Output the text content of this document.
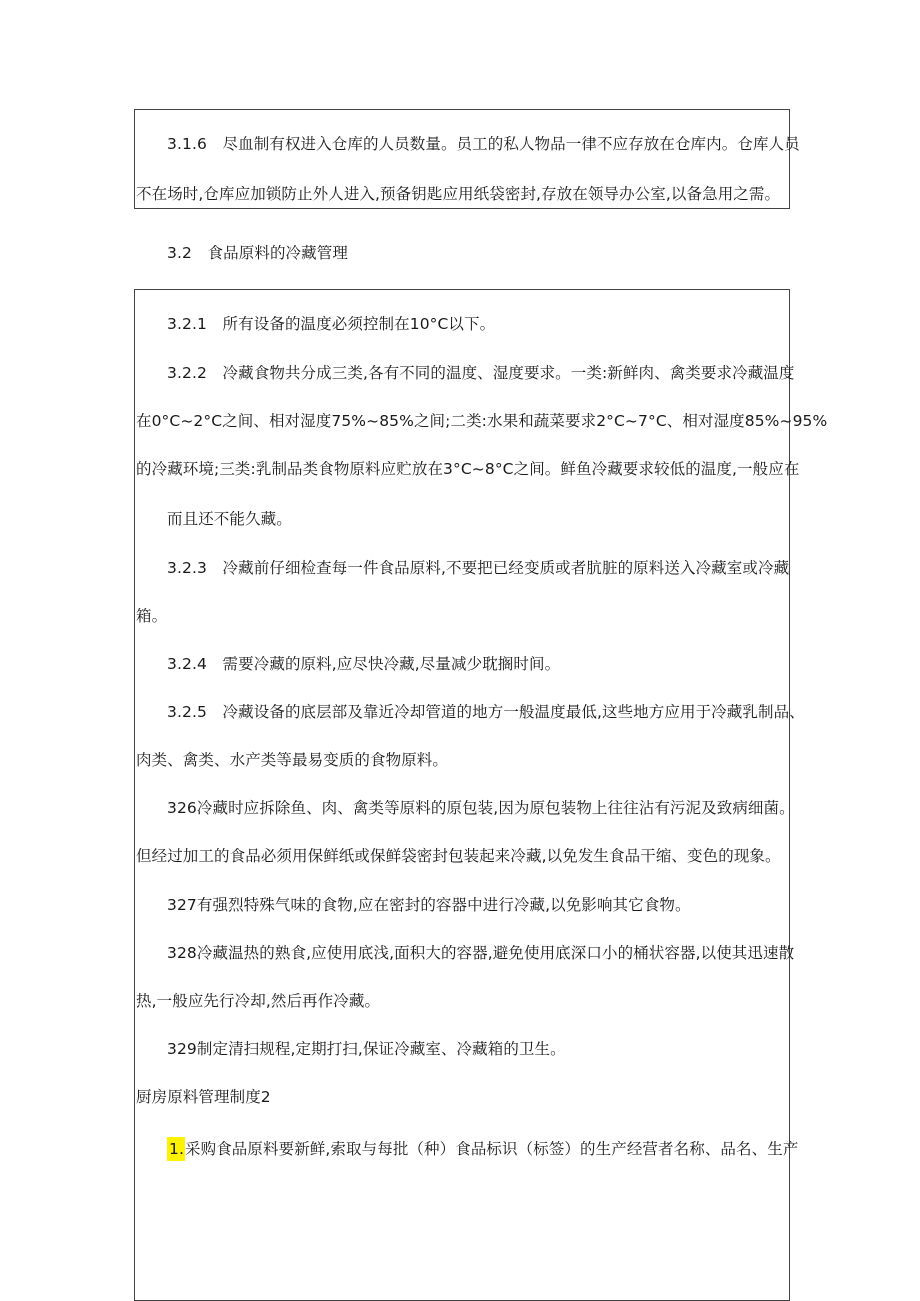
3.1.6　尽血制有权进入仓库的人员数量。员工的私人物品一律不应存放在仓库内。仓库人员
不在场时,仓库应加锁防止外人进入,预备钥匙应用纸袋密封,存放在领导办公室,以备急用之需。
3.2　食品原料的冷藏管理
3.2.1　所有设备的温度必须控制在10°C以下。
3.2.2　冷藏食物共分成三类,各有不同的温度、湿度要求。一类:新鲜肉、禽类要求冷藏温度
在0°C~2°C之间、相对湿度75%~85%之间;二类:水果和蔬菜要求2°C~7°C、相对湿度85%~95%
的冷藏环境;三类:乳制品类食物原料应贮放在3°C~8°C之间。鲜鱼冷藏要求较低的温度,一般应在
而且还不能久藏。
3.2.3　冷藏前仔细检查每一件食品原料,不要把已经变质或者肮脏的原料送入冷藏室或冷藏
箱。
3.2.4　需要冷藏的原料,应尽快冷藏,尽量减少耽搁时间。
3.2.5　冷藏设备的底层部及靠近冷却管道的地方一般温度最低,这些地方应用于冷藏乳制品、
肉类、禽类、水产类等最易变质的食物原料。
326冷藏时应拆除鱼、肉、禽类等原料的原包装,因为原包装物上往往沾有污泥及致病细菌。
但经过加工的食品必须用保鲜纸或保鲜袋密封包装起来冷藏,以免发生食品干缩、变色的现象。
327有强烈特殊气味的食物,应在密封的容器中进行冷藏,以免影响其它食物。
328冷藏温热的熟食,应使用底浅,面积大的容器,避免使用底深口小的桶状容器,以使其迅速散
热,一般应先行冷却,然后再作冷藏。
329制定清扫规程,定期打扫,保证冷藏室、冷藏箱的卫生。
厨房原料管理制度2
1.采购食品原料要新鲜,索取与每批（种）食品标识（标签）的生产经营者名称、品名、生产
